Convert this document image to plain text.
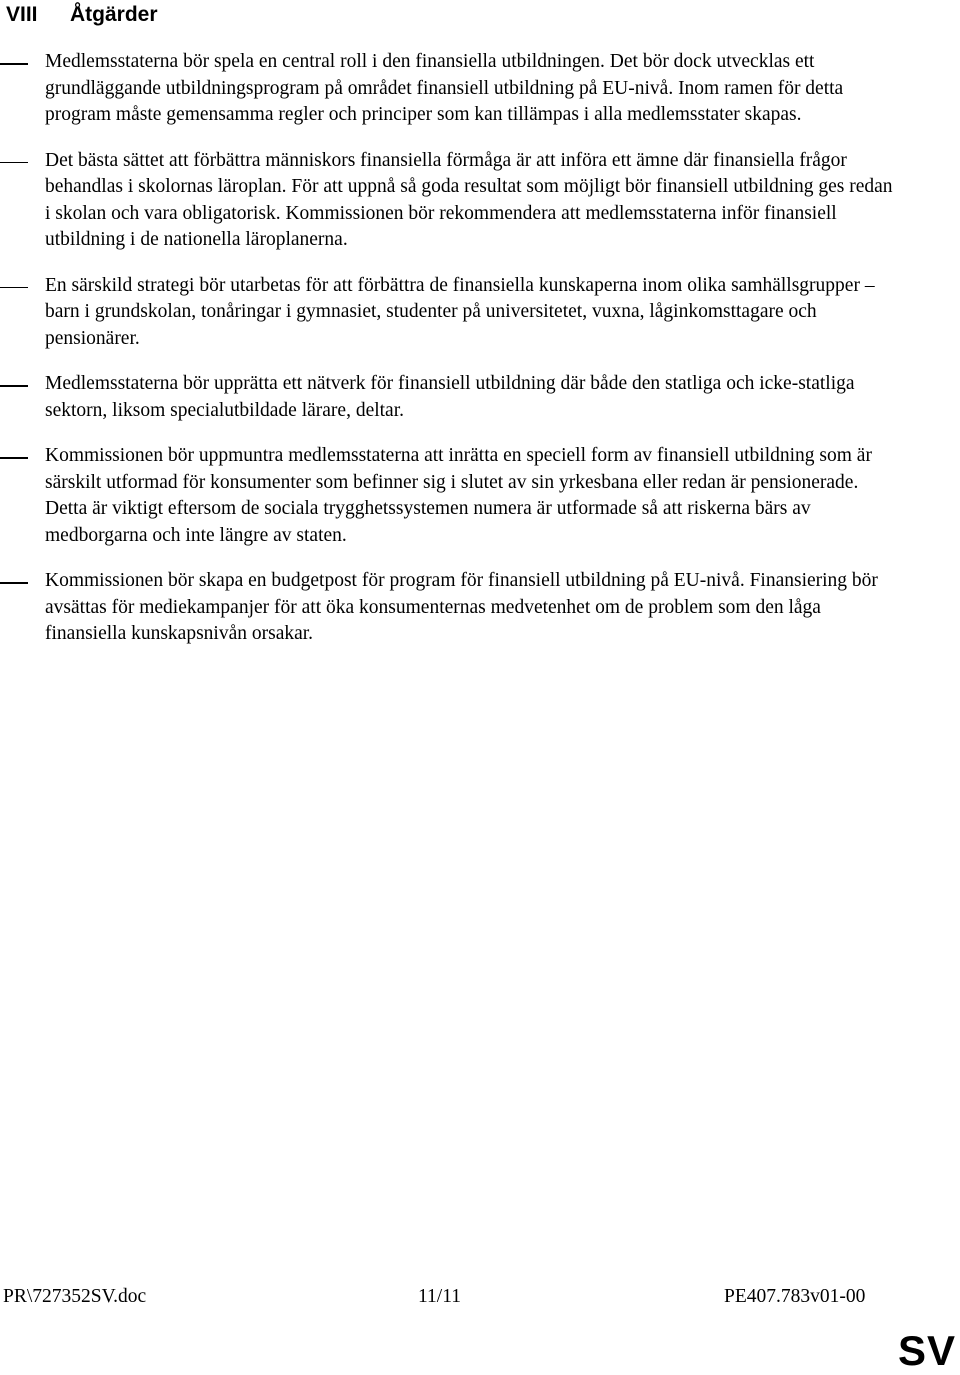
VIII Åtgärder
Medlemsstaterna bör spela en central roll i den finansiella utbildningen. Det bör dock utvecklas ett grundläggande utbildningsprogram på området finansiell utbildning på EU-nivå. Inom ramen för detta program måste gemensamma regler och principer som kan tillämpas i alla medlemsstater skapas.
Det bästa sättet att förbättra människors finansiella förmåga är att införa ett ämne där finansiella frågor behandlas i skolornas läroplan. För att uppnå så goda resultat som möjligt bör finansiell utbildning ges redan i skolan och vara obligatorisk. Kommissionen bör rekommendera att medlemsstaterna inför finansiell utbildning i de nationella läroplanerna.
En särskild strategi bör utarbetas för att förbättra de finansiella kunskaperna inom olika samhällsgrupper – barn i grundskolan, tonåringar i gymnasiet, studenter på universitetet, vuxna, låginkomsttagare och pensionärer.
Medlemsstaterna bör upprätta ett nätverk för finansiell utbildning där både den statliga och icke-statliga sektorn, liksom specialutbildade lärare, deltar.
Kommissionen bör uppmuntra medlemsstaterna att inrätta en speciell form av finansiell utbildning som är särskilt utformad för konsumenter som befinner sig i slutet av sin yrkesbana eller redan är pensionerade. Detta är viktigt eftersom de sociala trygghetssystemen numera är utformade så att riskerna bärs av medborgarna och inte längre av staten.
Kommissionen bör skapa en budgetpost för program för finansiell utbildning på EU-nivå. Finansiering bör avsättas för mediekampanjer för att öka konsumenternas medvetenhet om de problem som den låga finansiella kunskapsnivån orsakar.
PR\727352SV.doc	11/11	PE407.783v01-00
SV
